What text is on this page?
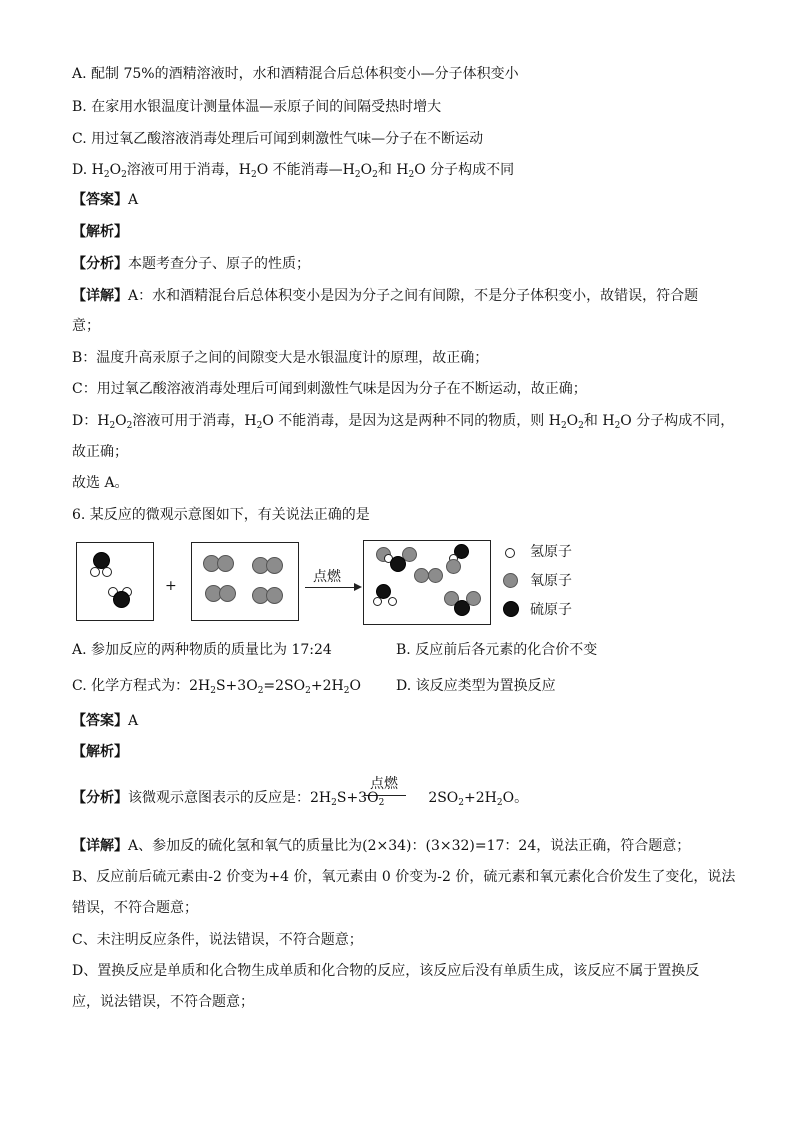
A. 配制 75%的酒精溶液时，水和酒精混合后总体积变小—分子体积变小
B. 在家用水银温度计测量体温—汞原子间的间隔受热时增大
C. 用过氧乙酸溶液消毒处理后可闻到刺激性气味—分子在不断运动
D. $H_2O_2$溶液可用于消毒，$H_2O$ 不能消毒$—H_2O_2$和 $H_2O$ 分子构成不同
【答案】A
【解析】
【分析】本题考查分子、原子的性质；
【详解】A：水和酒精混台后总体积变小是因为分子之间有间隙，不是分子体积变小，故错误，符合题
意；
B：温度升高汞原子之间的间隙变大是水银温度计的原理，故正确；
C：用过氧乙酸溶液消毒处理后可闻到刺激性气味是因为分子在不断运动，故正确；
D：$H_2O_2$溶液可用于消毒，$H_2O$ 不能消毒，是因为这是两种不同的物质，则 $H_2O_2$和 $H_2O$ 分子构成不同，
故正确；
故选 A。
6. 某反应的微观示意图如下，有关说法正确的是
+
点燃
氢原子
氧原子
硫原子
A. 参加反应的两种物质的质量比为 17:24	B. 反应前后各元素的化合价不变
C. 化学方程式为：$2H_2S+3O_2=2SO_2+2H_2O$	D. 该反应类型为置换反应
【答案】A
【解析】
点燃
【分析】该微观示意图表示的反应是：$2H_2S+3O_2$	$2SO_2+2H_2O$。
【详解】A、参加反的硫化氢和氧气的质量比为(2×34)：(3×32)=17：24，说法正确，符合题意；
B、反应前后硫元素由-2 价变为+4 价，氧元素由 0 价变为-2 价，硫元素和氧元素化合价发生了变化，说法
错误，不符合题意；
C、未注明反应条件，说法错误，不符合题意；
D、置换反应是单质和化合物生成单质和化合物的反应，该反应后没有单质生成，该反应不属于置换反
应，说法错误，不符合题意；
